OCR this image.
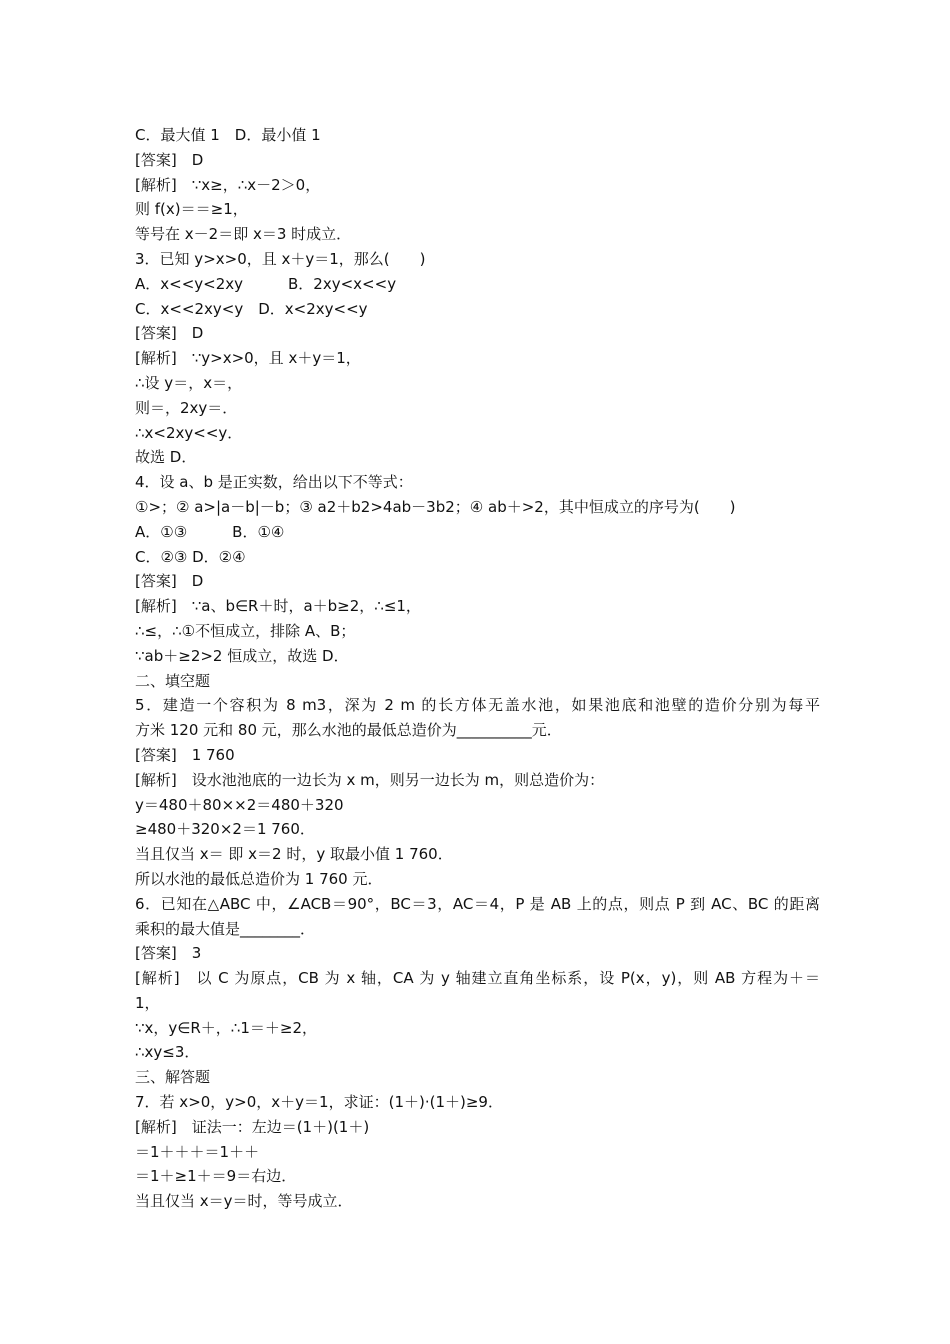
C．最大值 1　D．最小值 1
[答案]　D
[解析]　∵x≥，∴x－2＞0，
则 f(x)＝＝≥1，
等号在 x－2＝即 x＝3 时成立．
3．已知 y>x>0，且 x＋y＝1，那么(　　)
A．x<<y<2xy　　　B．2xy<x<<y
C．x<<2xy<y　D．x<2xy<<y
[答案]　D
[解析]　∵y>x>0，且 x＋y＝1，
∴设 y＝，x＝，
则＝，2xy＝．
∴x<2xy<<y．
故选 D．
4．设 a、b 是正实数，给出以下不等式：
①>；② a>|a－b|－b；③ a2＋b2>4ab－3b2；④ ab＋>2，其中恒成立的序号为(　　)
A．①③　　　B．①④
C．②③ D．②④
[答案]　D
[解析]　∵a、b∈R＋时，a＋b≥2，∴≤1，
∴≤，∴①不恒成立，排除 A、B；
∵ab＋≥2>2 恒成立，故选 D．
二、填空题
5．建造一个容积为 8 m3，深为 2 m 的长方体无盖水池，如果池底和池壁的造价分别为每平
方米 120 元和 80 元，那么水池的最低总造价为__________元．
[答案]　1 760
[解析]　设水池池底的一边长为 x m，则另一边长为 m，则总造价为：
y＝480＋80××2＝480＋320
≥480＋320×2＝1 760．
当且仅当 x＝ 即 x＝2 时，y 取最小值 1 760．
所以水池的最低总造价为 1 760 元．
6．已知在△ABC 中，∠ACB＝90°，BC＝3，AC＝4，P 是 AB 上的点，则点 P 到 AC、BC 的距离
乘积的最大值是________．
[答案]　3
[解析]　以 C 为原点，CB 为 x 轴，CA 为 y 轴建立直角坐标系，设 P(x，y)，则 AB 方程为＋＝
1，
∵x，y∈R＋，∴1＝＋≥2，
∴xy≤3．
三、解答题
7．若 x>0，y>0，x＋y＝1，求证：(1＋)·(1＋)≥9．
[解析]　证法一：左边＝(1＋)(1＋)
＝1＋＋＋＝1＋＋
＝1＋≥1＋＝9＝右边．
当且仅当 x＝y＝时，等号成立．
